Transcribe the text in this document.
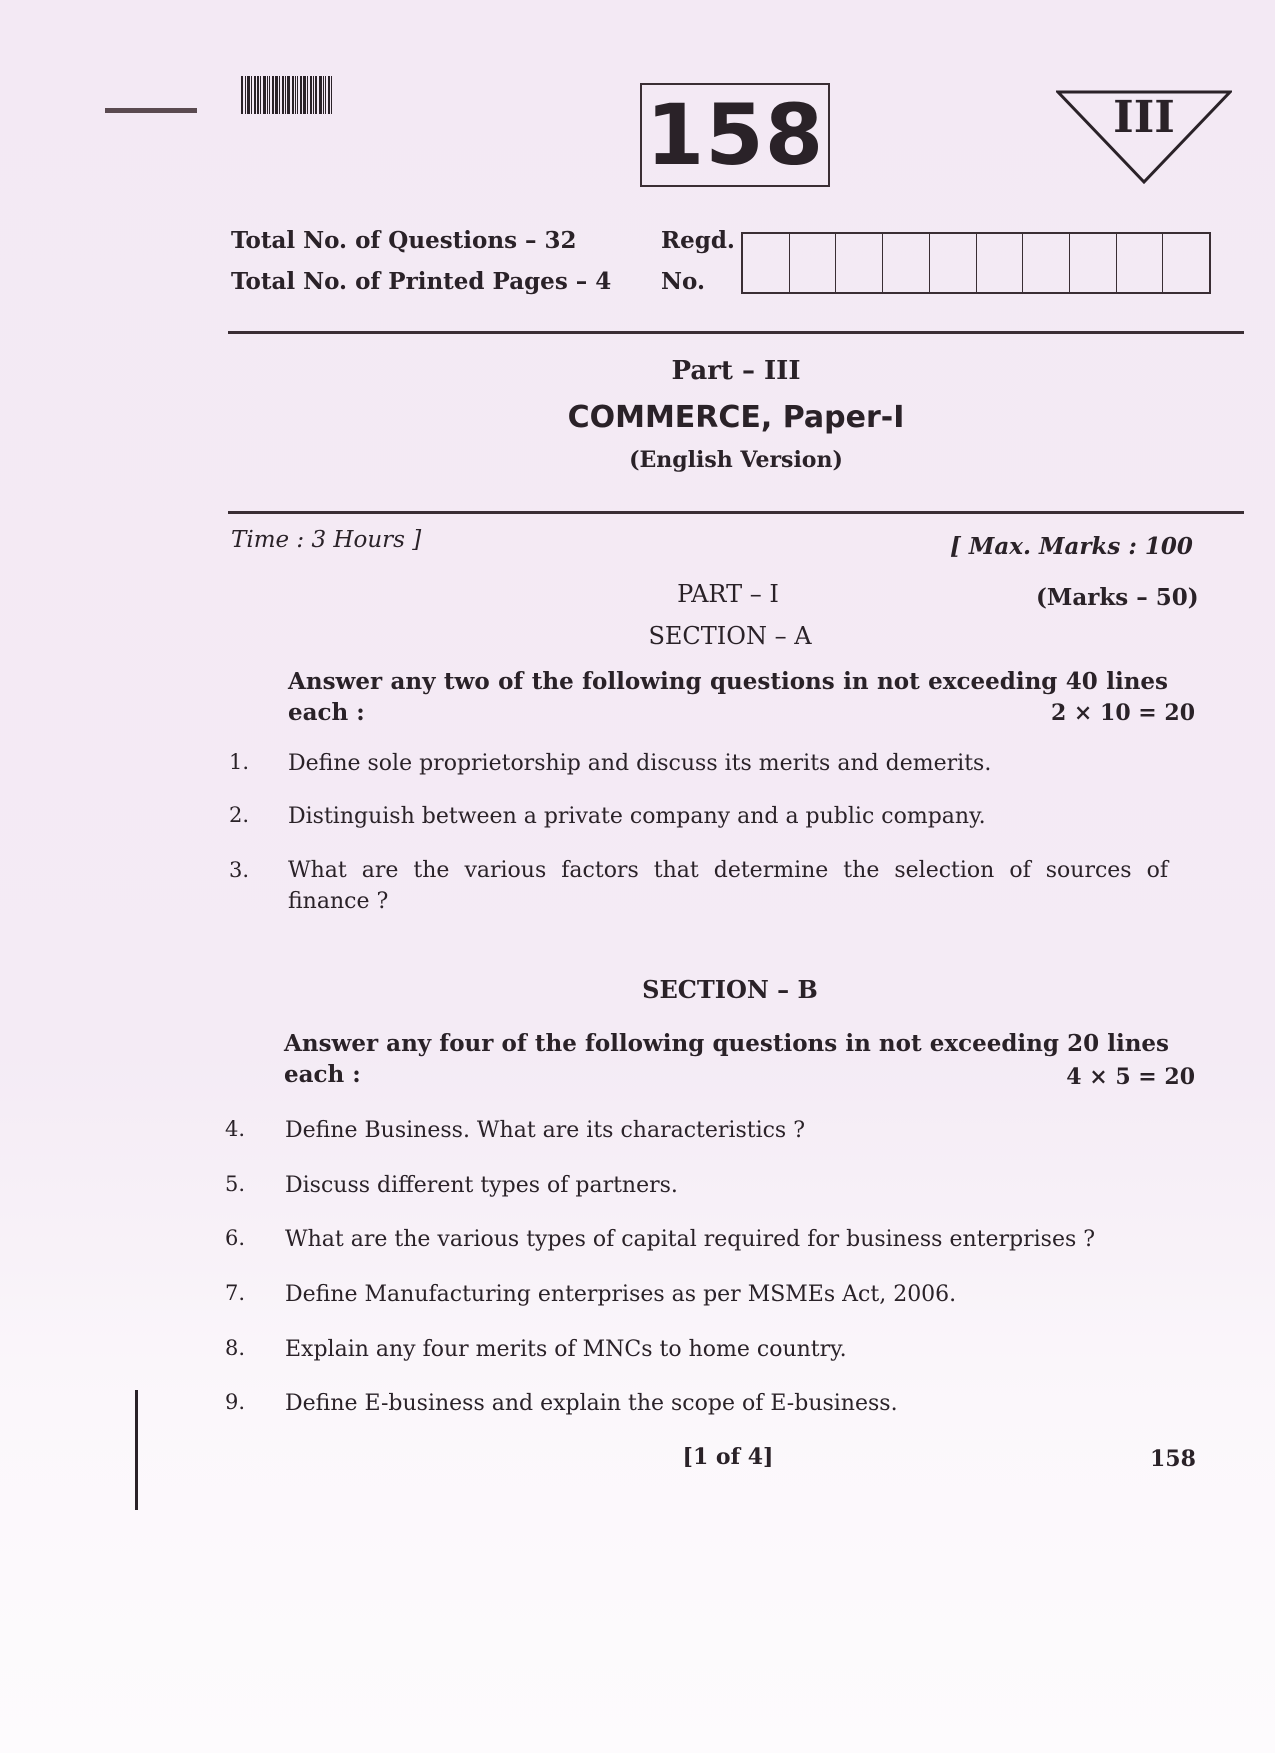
158	III
Total No. of Questions – 32
Total No. of Printed Pages – 4
Regd.
No.
Part – III
COMMERCE, Paper-I
(English Version)
Time : 3 Hours ]	[ Max. Marks : 100
PART – I	(Marks – 50)
SECTION – A
Answer any two of the following questions in not exceeding 40 lines each :	2 × 10 = 20
1.	Define sole proprietorship and discuss its merits and demerits.
2.	Distinguish between a private company and a public company.
3.	What are the various factors that determine the selection of sources of finance ?
SECTION – B
Answer any four of the following questions in not exceeding 20 lines each :	4 × 5 = 20
4.	Define Business. What are its characteristics ?
5.	Discuss different types of partners.
6.	What are the various types of capital required for business enterprises ?
7.	Define Manufacturing enterprises as per MSMEs Act, 2006.
8.	Explain any four merits of MNCs to home country.
9.	Define E-business and explain the scope of E-business.
[1 of 4]	158
